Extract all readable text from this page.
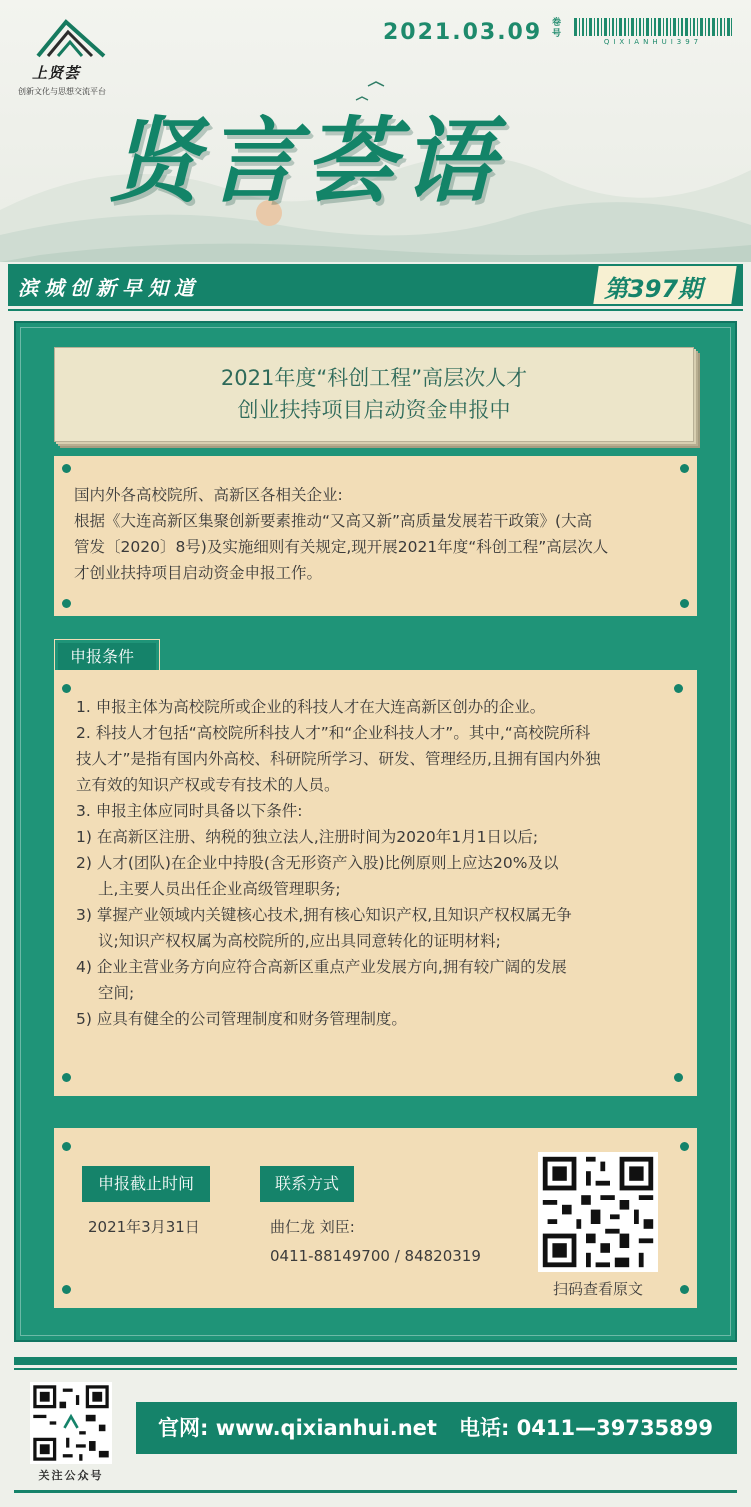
上贤荟
创新文化与思想交流平台
2021.03.09 卷号
QIXIANHUI397
贤言荟语
滨城创新早知道	第397期
2021年度“科创工程”高层次人才
创业扶持项目启动资金申报中

国内外各高校院所、高新区各相关企业:

根据《大连高新区集聚创新要素推动“又高又新”高质量发展若干政策》(大高

管发〔2020〕8号)及实施细则有关规定,现开展2021年度“科创工程”高层次人

才创业扶持项目启动资金申报工作。

申报条件

1. 申报主体为高校院所或企业的科技人才在大连高新区创办的企业。

2. 科技人才包括“高校院所科技人才”和“企业科技人才”。其中,“高校院所科

技人才”是指有国内外高校、科研院所学习、研发、管理经历,且拥有国内外独

立有效的知识产权或专有技术的人员。

3. 申报主体应同时具备以下条件:

1) 在高新区注册、纳税的独立法人,注册时间为2020年1月1日以后;

2) 人才(团队)在企业中持股(含无形资产入股)比例原则上应达20%及以

上,主要人员出任企业高级管理职务;

3) 掌握产业领域内关键核心技术,拥有核心知识产权,且知识产权权属无争

议;知识产权权属为高校院所的,应出具同意转化的证明材料;

4) 企业主营业务方向应符合高新区重点产业发展方向,拥有较广阔的发展

空间;

5) 应具有健全的公司管理制度和财务管理制度。

申报截止时间	联系方式
2021年3月31日	曲仁龙 刘臣:
0411-88149700 / 84820319
扫码查看原文
关注公众号
官网: www.qixianhui.net 电话: 0411—39735899
